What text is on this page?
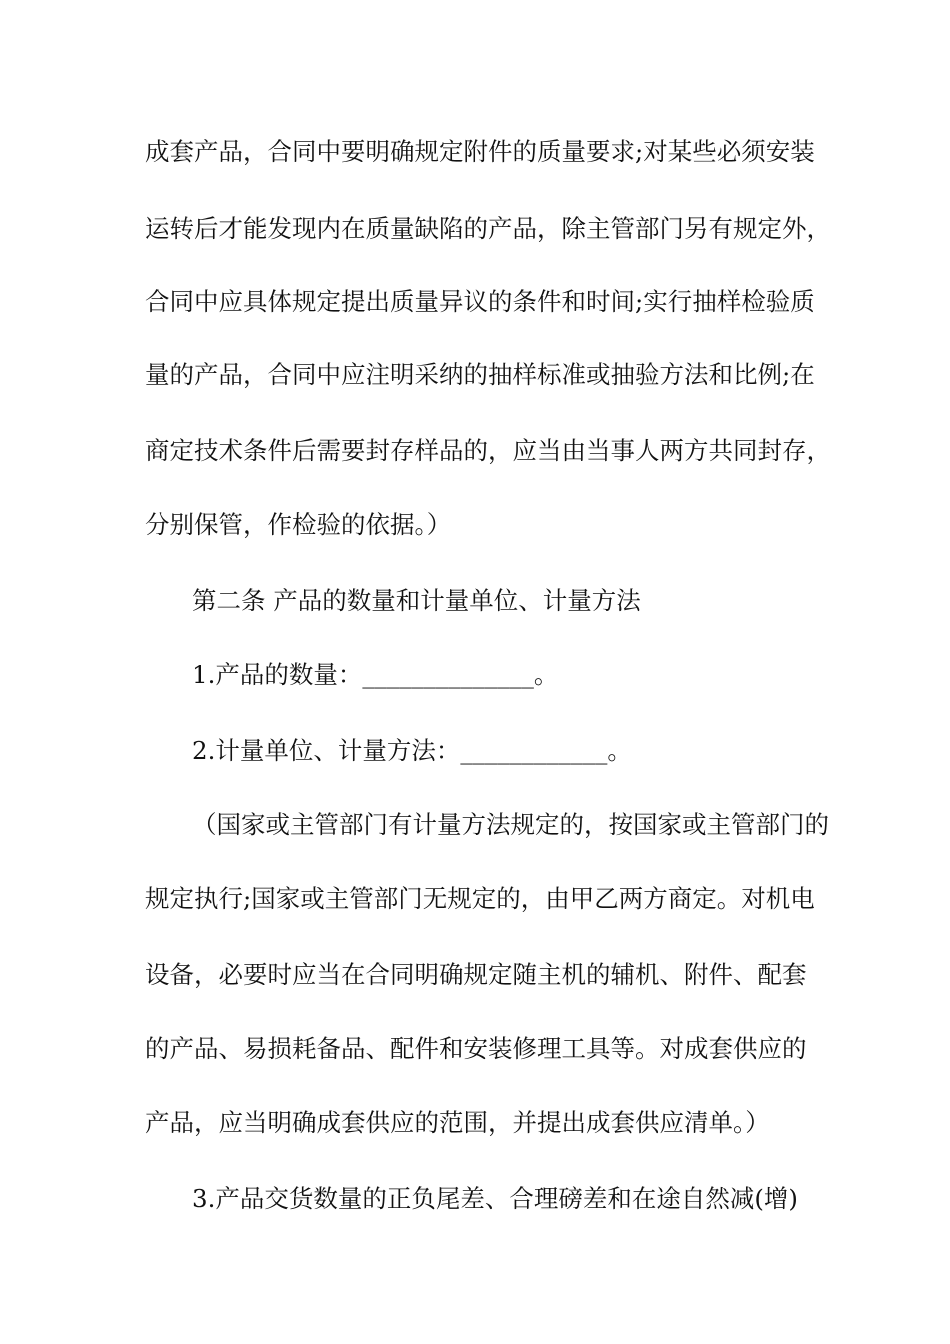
成套产品，合同中要明确规定附件的质量要求;对某些必须安装

运转后才能发现内在质量缺陷的产品，除主管部门另有规定外，

合同中应具体规定提出质量异议的条件和时间;实行抽样检验质

量的产品，合同中应注明采纳的抽样标准或抽验方法和比例;在

商定技术条件后需要封存样品的，应当由当事人两方共同封存，

分别保管，作检验的依据。）

第二条 产品的数量和计量单位、计量方法

1.产品的数量：______________。

2.计量单位、计量方法：____________。

（国家或主管部门有计量方法规定的，按国家或主管部门的

规定执行;国家或主管部门无规定的，由甲乙两方商定。对机电

设备，必要时应当在合同明确规定随主机的辅机、附件、配套

的产品、易损耗备品、配件和安装修理工具等。对成套供应的

产品，应当明确成套供应的范围，并提出成套供应清单。）

3.产品交货数量的正负尾差、合理磅差和在途自然减(增)
